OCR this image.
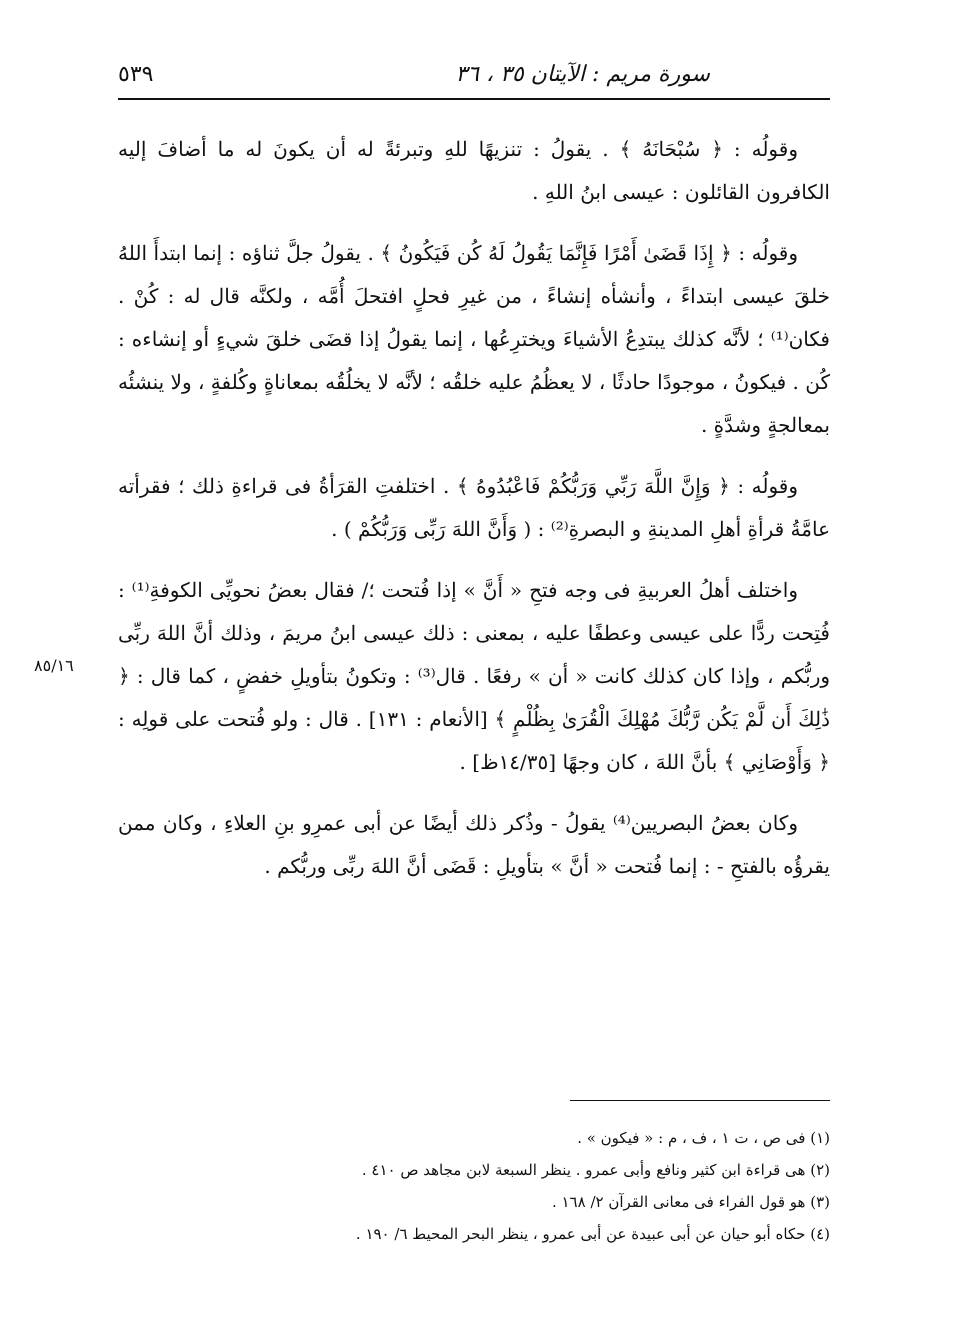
سورة مريم : الآيتان ٣٥ ، ٣٦
٥٣٩
٨٥/١٦

وقولُه : ﴿ سُبْحَانَهُ ﴾ . يقولُ : تنزيهًا للهِ وتبرئةً له أن يكونَ له ما أضافَ إليه الكافرون القائلون : عيسى ابنُ اللهِ .

وقولُه : ﴿ إِذَا قَضَىٰ أَمْرًا فَإِنَّمَا يَقُولُ لَهُ كُن فَيَكُونُ ﴾ . يقولُ جلَّ ثناؤه : إنما ابتدأَ اللهُ خلقَ عيسى ابتداءً ، وأنشأه إنشاءً ، من غيرِ فحلٍ افتحلَ أُمَّه ، ولكنَّه قال له : كُنْ . فكان⁽¹⁾ ؛ لأنَّه كذلك يبتدِعُ الأشياءَ ويخترِعُها ، إنما يقولُ إذا قضَى خلقَ شيءٍ أو إنشاءه : كُن . فيكونُ ، موجودًا حادثًا ، لا يعظُمُ عليه خلقُه ؛ لأنَّه لا يخلُقُه بمعاناةٍ وكُلفةٍ ، ولا ينشئُه بمعالجةٍ وشدَّةٍ .

وقولُه : ﴿ وَإِنَّ اللَّهَ رَبِّي وَرَبُّكُمْ فَاعْبُدُوهُ ﴾ . اختلفتِ القرَأةُ فى قراءةِ ذلك ؛ فقرأته عامَّةُ قرأةِ أهلِ المدينةِ و البصرةِ⁽²⁾ : ( وَأَنَّ اللهَ رَبِّى وَرَبُّكُمْ ) .

واختلف أهلُ العربيةِ فى وجه فتحِ « أَنَّ » إذا فُتحت ؛/ فقال بعضُ نحويِّى الكوفةِ⁽¹⁾ : فُتِحت ردًّا على عيسى وعطفًا عليه ، بمعنى : ذلك عيسى ابنُ مريمَ ، وذلك أنَّ اللهَ ربِّى وربُّكم ، وإذا كان كذلك كانت « أن » رفعًا . قال⁽³⁾ : وتكونُ بتأويلِ خفضٍ ، كما قال : ﴿ ذَٰلِكَ أَن لَّمْ يَكُن رَّبُّكَ مُهْلِكَ الْقُرَىٰ بِظُلْمٍ ﴾ [الأنعام : ١٣١] . قال : ولو فُتحت على قولِه : ﴿ وَأَوْصَانِي ﴾ بأنَّ اللهَ ، كان وجهًا [١٤/٣٥ظ] .

وكان بعضُ البصريين⁽⁴⁾ يقولُ - وذُكر ذلك أيضًا عن أبى عمرِو بنِ العلاءِ ، وكان ممن يقرؤُه بالفتحِ - : إنما فُتحت « أنَّ » بتأويلِ : قَضَى أنَّ اللهَ ربِّى وربُّكم .

(١) فى ص ، ت ١ ، ف ، م : « فيكون » .
(٢) هى قراءة ابن كثير ونافع وأبى عمرو . ينظر السبعة لابن مجاهد ص ٤١٠ .
(٣) هو قول الفراء فى معانى القرآن ٢/ ١٦٨ .
(٤) حكاه أبو حيان عن أبى عبيدة عن أبى عمرو ، ينظر البحر المحيط ٦/ ١٩٠ .
